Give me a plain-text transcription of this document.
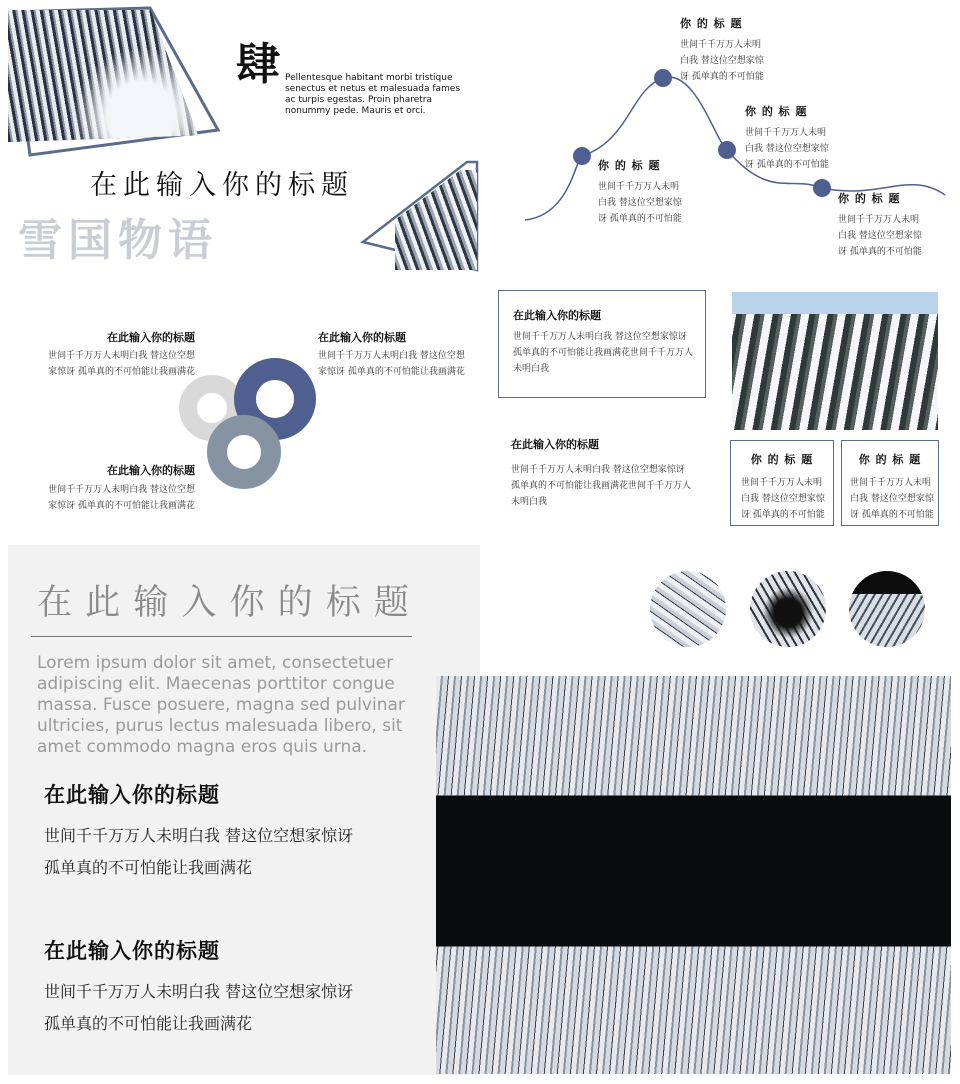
肆 Pellentesque habitant morbi tristique senectus et netus et malesuada fames ac turpis egestas. Proin pharetra nonummy pede. Mauris et orci.
在此输入你的标题
雪国物语
你 的 标 题
世间千千万万人未明白我 替这位空想家惊讶 孤单真的不可怕能
你 的 标 题
世间千千万万人未明白我 替这位空想家惊讶 孤单真的不可怕能
你 的 标 题
世间千千万万人未明白我 替这位空想家惊讶 孤单真的不可怕能
你 的 标 题
世间千千万万人未明白我 替这位空想家惊讶 孤单真的不可怕能
在此输入你的标题
世间千千万万人未明白我 替这位空想家惊讶 孤单真的不可怕能让我画满花
在此输入你的标题
世间千千万万人未明白我 替这位空想家惊讶 孤单真的不可怕能让我画满花
在此输入你的标题
世间千千万万人未明白我 替这位空想家惊讶 孤单真的不可怕能让我画满花
在此输入你的标题
世间千千万万人未明白我 替这位空想家惊讶 孤单真的不可怕能让我画满花世间千千万万人未明白我
在此输入你的标题
世间千千万万人未明白我 替这位空想家惊讶 孤单真的不可怕能让我画满花世间千千万万人未明白我
你 的 标 题
世间千千万万人未明白我 替这位空想家惊讶 孤单真的不可怕能
你 的 标 题
世间千千万万人未明白我 替这位空想家惊讶 孤单真的不可怕能
在 此 输 入 你 的 标 题
Lorem ipsum dolor sit amet, consectetuer adipiscing elit. Maecenas porttitor congue massa. Fusce posuere, magna sed pulvinar ultricies, purus lectus malesuada libero, sit amet commodo magna eros quis urna.
在此输入你的标题
世间千千万万人未明白我 替这位空想家惊讶
孤单真的不可怕能让我画满花
在此输入你的标题
世间千千万万人未明白我 替这位空想家惊讶
孤单真的不可怕能让我画满花
